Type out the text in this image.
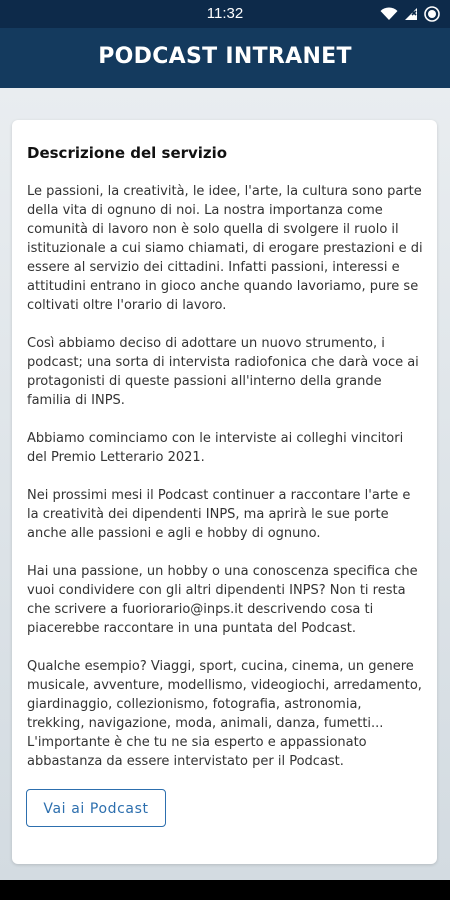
11:32
PODCAST INTRANET
Descrizione del servizio

Le passioni, la creatività, le idee, l'arte, la cultura sono parte della vita di ognuno di noi. La nostra importanza come comunità di lavoro non è solo quella di svolgere il ruolo il istituzionale a cui siamo chiamati, di erogare prestazioni e di essere al servizio dei cittadini. Infatti passioni, interessi e attitudini entrano in gioco anche quando lavoriamo, pure se coltivati oltre l'orario di lavoro.

Così abbiamo deciso di adottare un nuovo strumento, i podcast; una sorta di intervista radiofonica che darà voce ai protagonisti di queste passioni all'interno della grande familia di INPS.

Abbiamo cominciamo con le interviste ai colleghi vincitori del Premio Letterario 2021.

Nei prossimi mesi il Podcast continuer a raccontare l'arte e la creatività dei dipendenti INPS, ma aprirà le sue porte anche alle passioni e agli e hobby di ognuno.

Hai una passione, un hobby o una conoscenza specifica che vuoi condividere con gli altri dipendenti INPS? Non ti resta che scrivere a fuoriorario@inps.it descrivendo cosa ti piacerebbe raccontare in una puntata del Podcast.

Qualche esempio? Viaggi, sport, cucina, cinema, un genere musicale, avventure, modellismo, videogiochi, arredamento, giardinaggio, collezionismo, fotografia, astronomia, trekking, navigazione, moda, animali, danza, fumetti... L'importante è che tu ne sia esperto e appassionato abbastanza da essere intervistato per il Podcast.

Vai ai Podcast
